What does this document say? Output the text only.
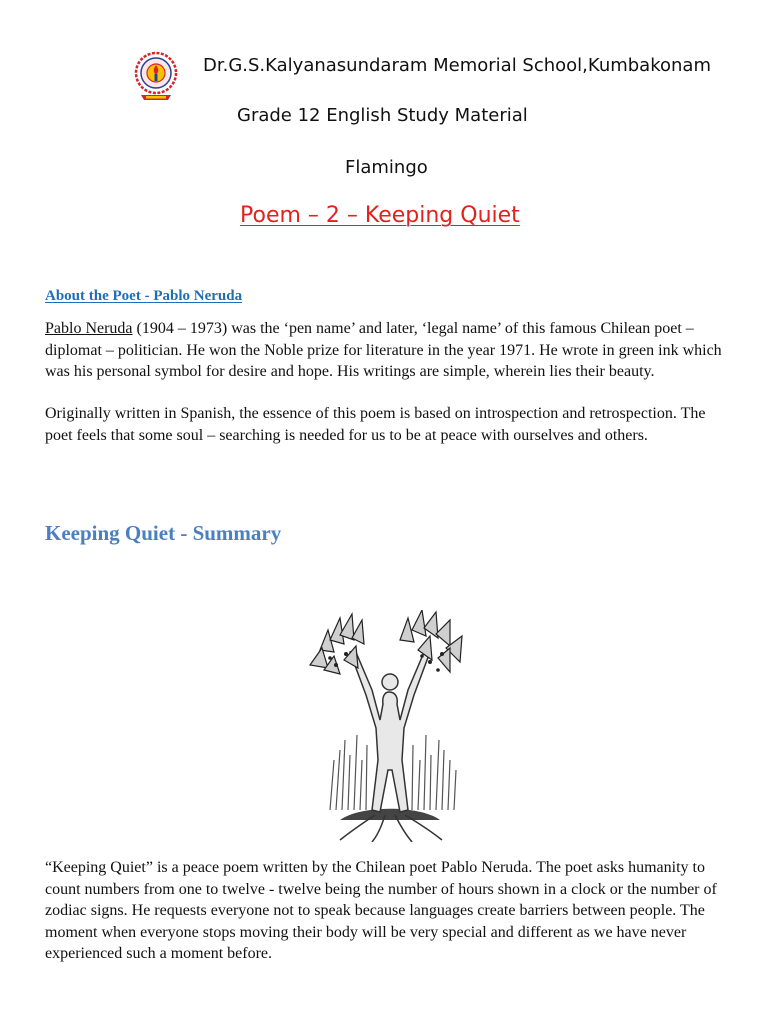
Dr.G.S.Kalyanasundaram Memorial School,Kumbakonam
Grade 12 English Study Material
Flamingo
Poem – 2 – Keeping Quiet
About the Poet - Pablo Neruda
Pablo Neruda (1904 – 1973) was the ‘pen name’ and later, ‘legal name’ of this famous Chilean poet – diplomat – politician. He won the Noble prize for literature in the year 1971. He wrote in green ink which was his personal symbol for desire and hope. His writings are simple, wherein lies their beauty.
Originally written in Spanish, the essence of this poem is based on introspection and retrospection. The poet feels that some soul – searching is needed for us to be at peace with ourselves and others.
Keeping Quiet - Summary
“Keeping Quiet” is a peace poem written by the Chilean poet Pablo Neruda. The poet asks humanity to count numbers from one to twelve - twelve being the number of hours shown in a clock or the number of zodiac signs. He requests everyone not to speak because languages create barriers between people. The moment when everyone stops moving their body will be very special and different as we have never experienced such a moment before.
